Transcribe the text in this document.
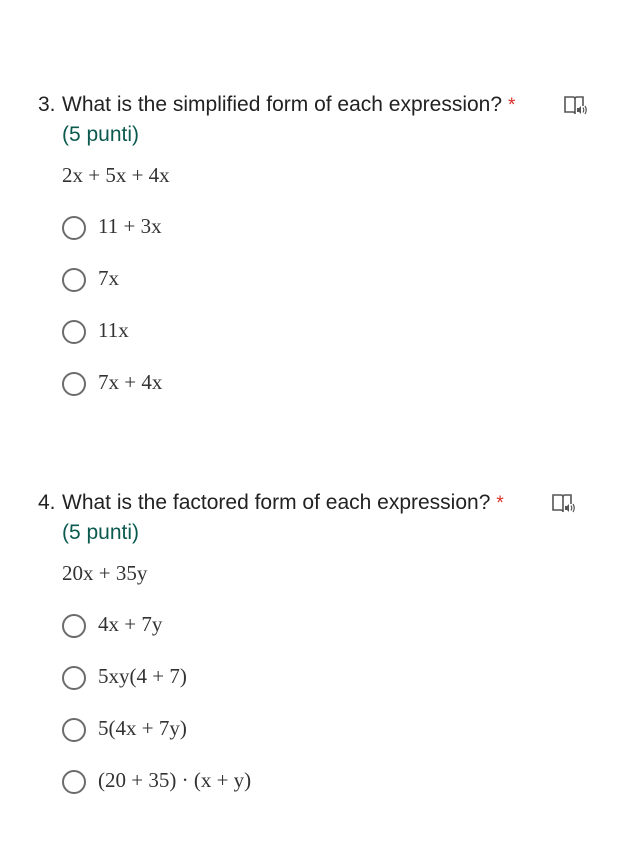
3. What is the simplified form of each expression? *
(5 punti)
2x + 5x + 4x
11 + 3x
7x
11x
7x + 4x
4. What is the factored form of each expression? *
(5 punti)
20x + 35y
4x + 7y
5xy(4 + 7)
5(4x + 7y)
(20 + 35) · (x + y)
